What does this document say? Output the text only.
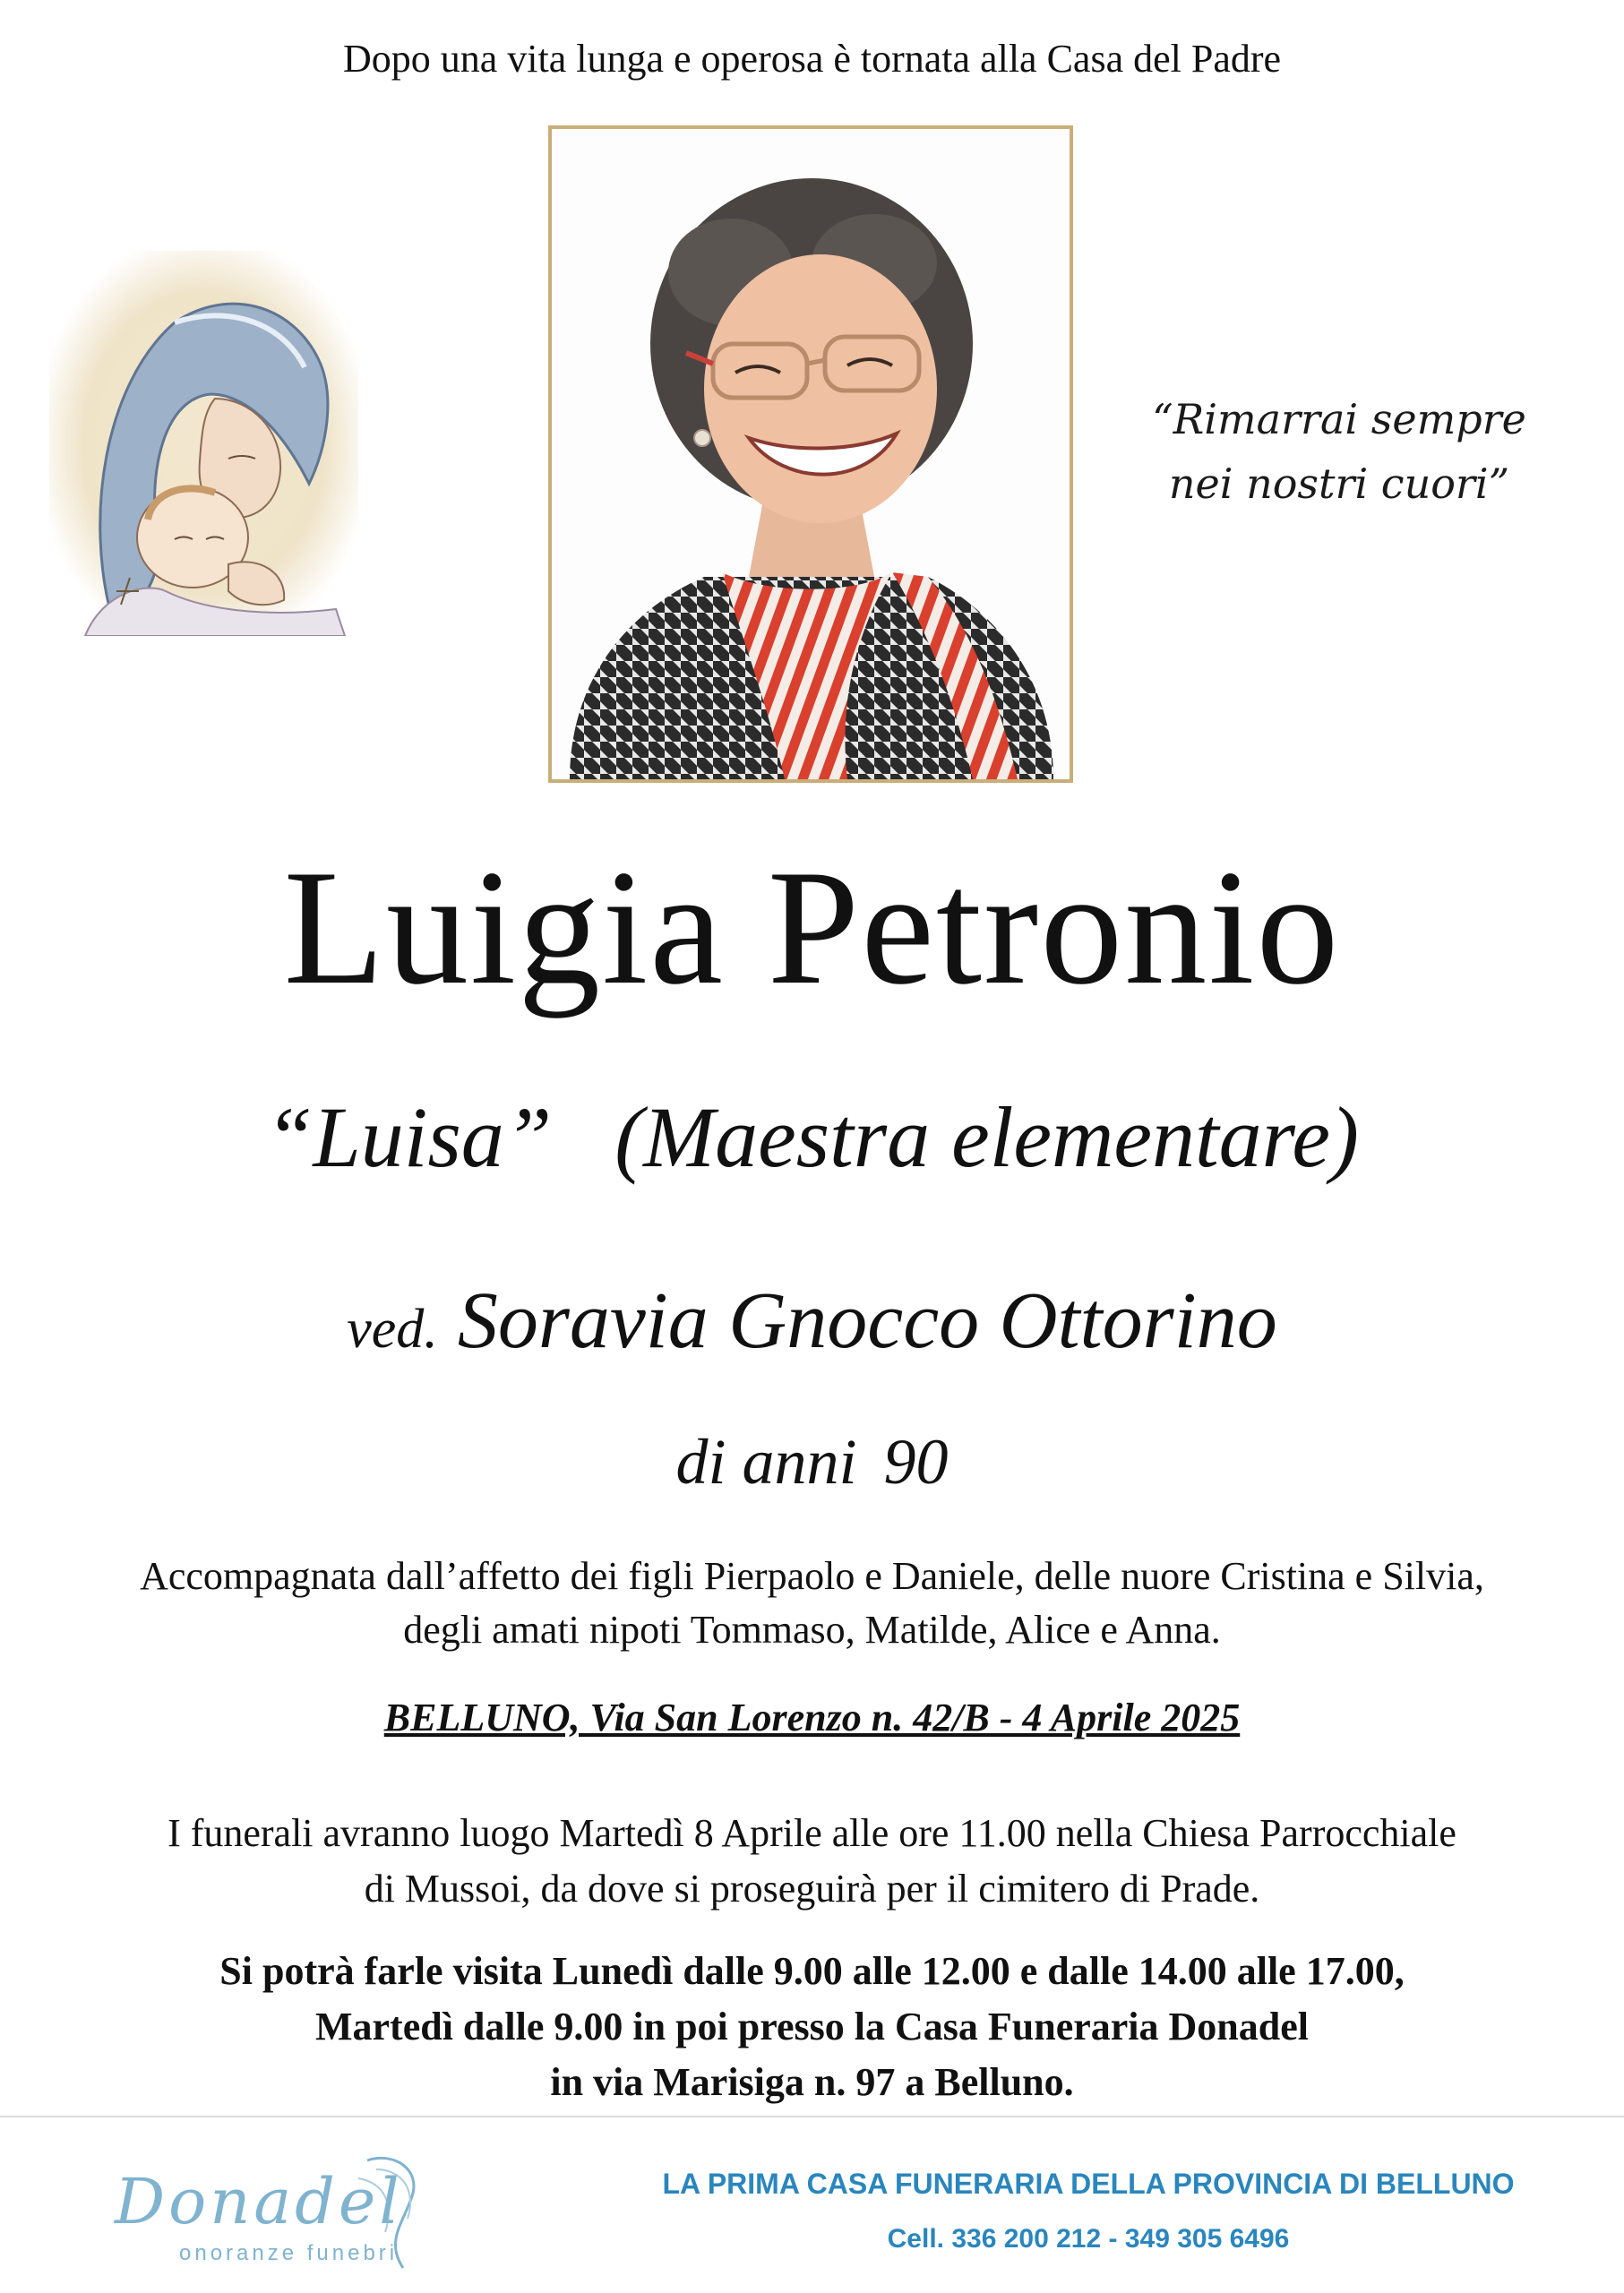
Dopo una vita lunga e operosa è tornata alla Casa del Padre
“Rimarrai sempre
nei nostri cuori”
Luigia Petronio
“Luisa” (Maestra elementare)
ved. Soravia Gnocco Ottorino
di anni 90
Accompagnata dall’affetto dei figli Pierpaolo e Daniele, delle nuore Cristina e Silvia,
degli amati nipoti Tommaso, Matilde, Alice e Anna.
BELLUNO, Via San Lorenzo n. 42/B - 4 Aprile 2025
I funerali avranno luogo Martedì 8 Aprile alle ore 11.00 nella Chiesa Parrocchiale
di Mussoi, da dove si proseguirà per il cimitero di Prade.
Si potrà farle visita Lunedì dalle 9.00 alle 12.00 e dalle 14.00 alle 17.00,
Martedì dalle 9.00 in poi presso la Casa Funeraria Donadel
in via Marisiga n. 97 a Belluno.
Donadel
onoranze funebri
LA PRIMA CASA FUNERARIA DELLA PROVINCIA DI BELLUNO
Cell. 336 200 212 - 349 305 6496
